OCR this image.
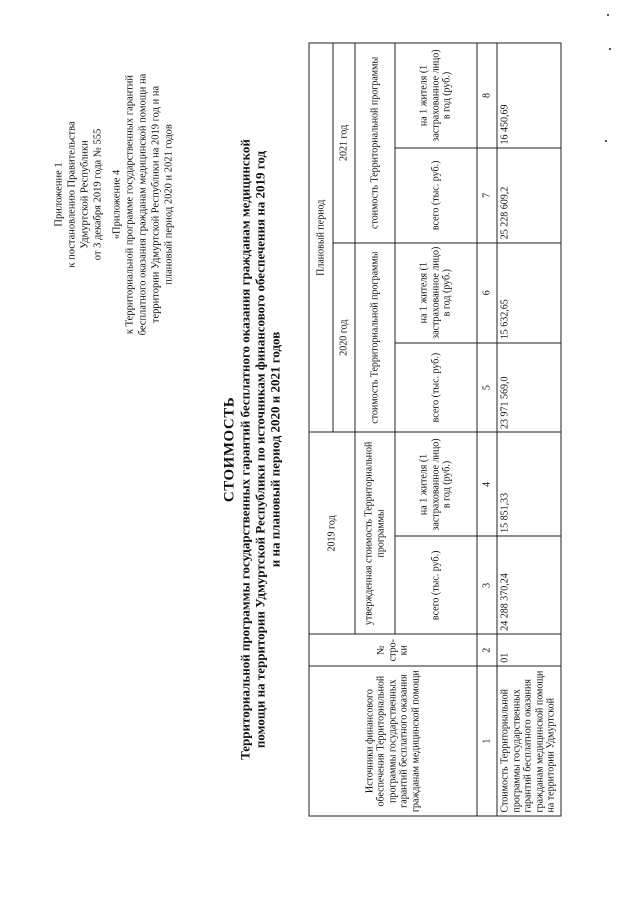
Приложение 1 к постановлению Правительства Удмуртской Республики от 3 декабря 2019 года № 555 «Приложение 4 к Территориальной программе государственных гарантий бесплатного оказания гражданам медицинской помощи на территории Удмуртской Республики на 2019 год и на плановый период 2020 и 2021 годов
СТОИМОСТЬ Территориальной программы государственных гарантий бесплатного оказания гражданам медицинской помощи на территории Удмуртской Республики по источникам финансового обеспечения на 2019 год и на плановый период 2020 и 2021 годов
Источники финансового обеспечения Территориальной программы государственных гарантий бесплатного оказания гражданам медицинской помощи	№ стро-ки	2019 год		Плановый период			
				2020 год		2021 год	
		утвержденная стоимость Территориальной программы		стоимость Территориальной программы		стоимость Территориальной программы	
		всего (тыс. руб.)	на 1 жителя (1 застрахованное лицо) в год (руб.)	всего (тыс. руб.)	на 1 жителя (1 застрахованное лицо) в год (руб.)	всего (тыс. руб.)	на 1 жителя (1 застрахованное лицо) в год (руб.)
1	2	3	4	5	6	7	8
Стоимость Территориальной программы государственных гарантий бесплатного оказания гражданам медицинской помощи на территории Удмуртской	01	24 288 370,24	15 851,33	23 971 569,0	15 632,65	25 228 609,2	16 450,69
